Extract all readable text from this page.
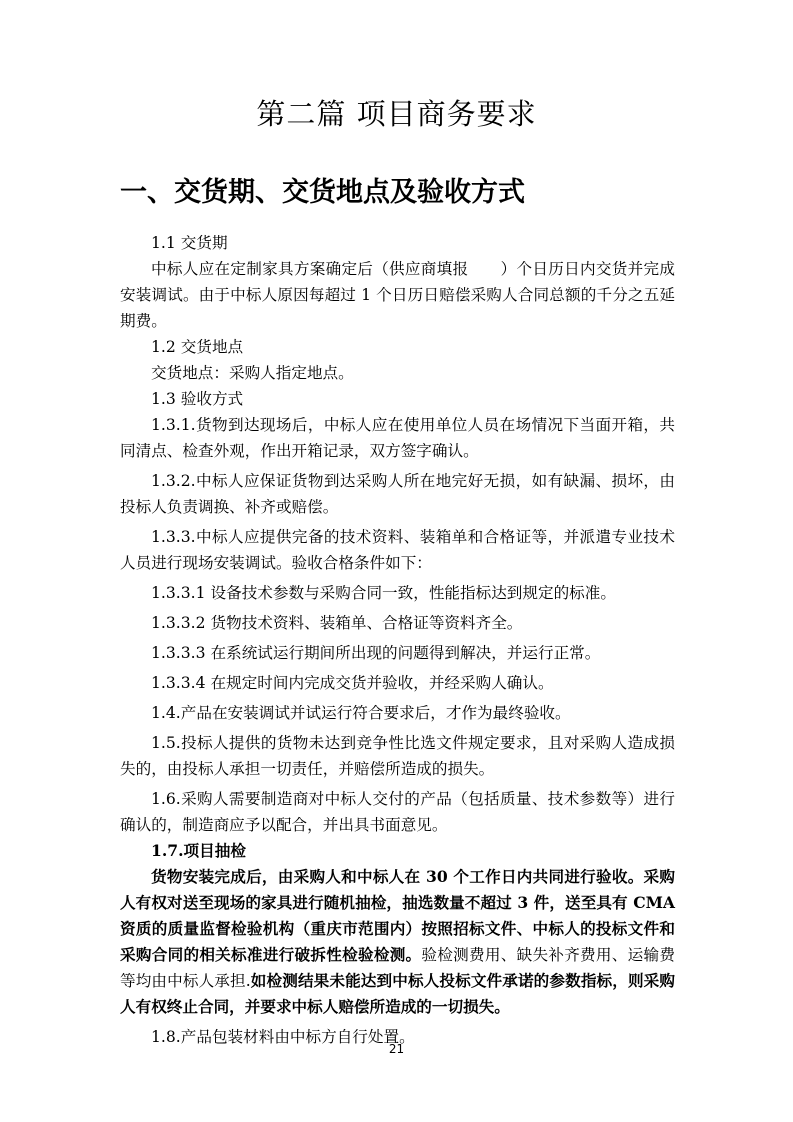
第二篇 项目商务要求
一、交货期、交货地点及验收方式

1.1 交货期

中标人应在定制家具方案确定后（供应商填报 ）个日历日内交货并完成安装调试。由于中标人原因每超过 1 个日历日赔偿采购人合同总额的千分之五延期费。

1.2 交货地点

交货地点：采购人指定地点。

1.3 验收方式

1.3.1.货物到达现场后，中标人应在使用单位人员在场情况下当面开箱，共同清点、检查外观，作出开箱记录，双方签字确认。

1.3.2.中标人应保证货物到达采购人所在地完好无损，如有缺漏、损坏，由投标人负责调换、补齐或赔偿。

1.3.3.中标人应提供完备的技术资料、装箱单和合格证等，并派遣专业技术人员进行现场安装调试。验收合格条件如下：

1.3.3.1 设备技术参数与采购合同一致，性能指标达到规定的标准。

1.3.3.2 货物技术资料、装箱单、合格证等资料齐全。

1.3.3.3 在系统试运行期间所出现的问题得到解决，并运行正常。

1.3.3.4 在规定时间内完成交货并验收，并经采购人确认。

1.4.产品在安装调试并试运行符合要求后，才作为最终验收。

1.5.投标人提供的货物未达到竞争性比选文件规定要求，且对采购人造成损失的，由投标人承担一切责任，并赔偿所造成的损失。

1.6.采购人需要制造商对中标人交付的产品（包括质量、技术参数等）进行确认的，制造商应予以配合，并出具书面意见。

1.7.项目抽检

货物安装完成后，由采购人和中标人在 30 个工作日内共同进行验收。采购人有权对送至现场的家具进行随机抽检，抽选数量不超过 3 件，送至具有 CMA 资质的质量监督检验机构（重庆市范围内）按照招标文件、中标人的投标文件和采购合同的相关标准进行破拆性检验检测。验检测费用、缺失补齐费用、运输费等均由中标人承担.如检测结果未能达到中标人投标文件承诺的参数指标，则采购人有权终止合同，并要求中标人赔偿所造成的一切损失。

1.8.产品包装材料由中标方自行处置。

21
